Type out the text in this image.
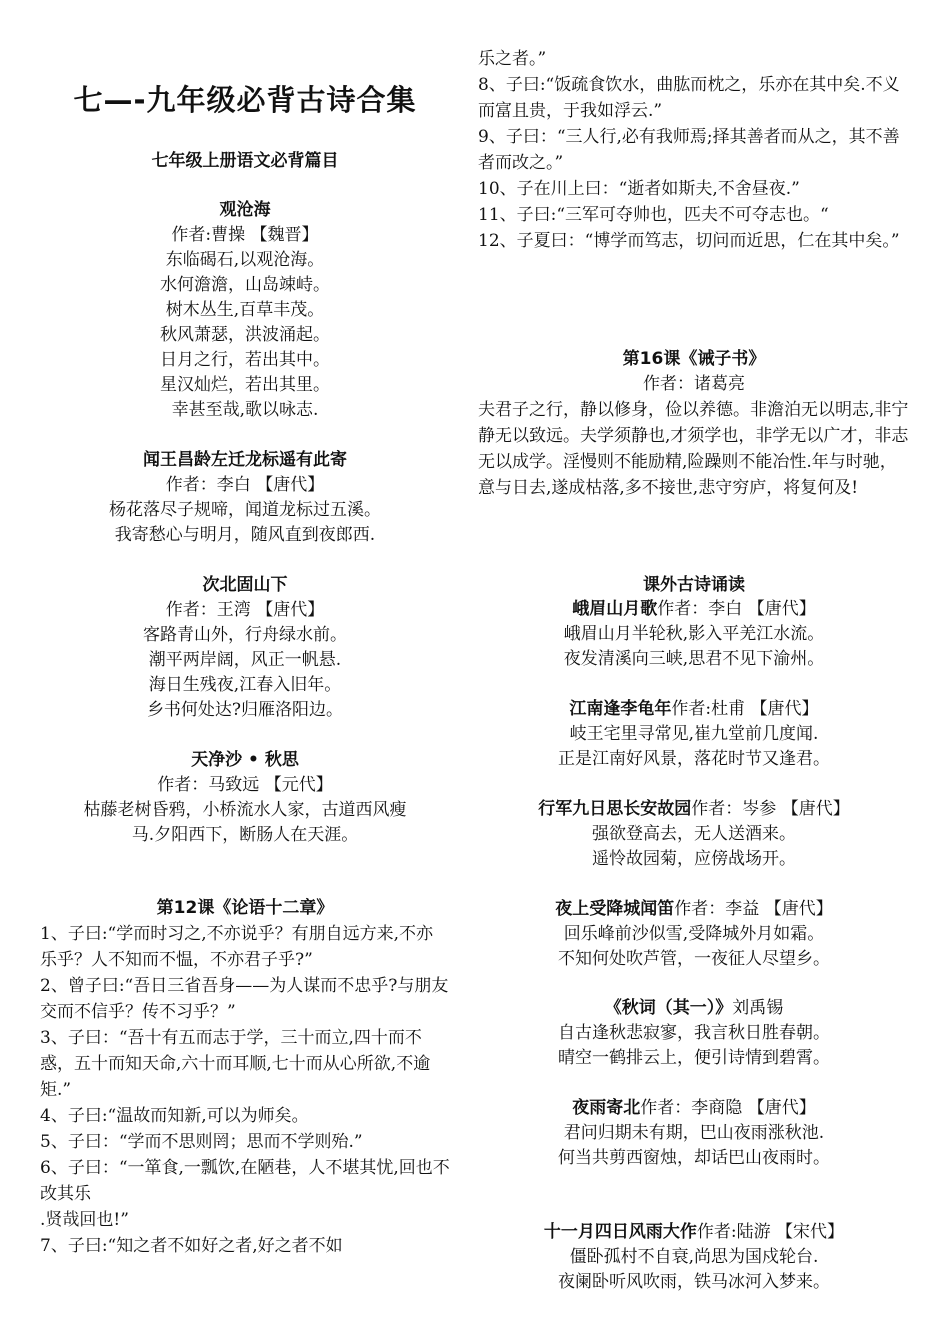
七—-九年级必背古诗合集
七年级上册语文必背篇目
观沧海
作者:曹操 【魏晋】
东临碣石,以观沧海。
水何澹澹，山岛竦峙。
树木丛生,百草丰茂。
秋风萧瑟，洪波涌起。
日月之行，若出其中。
星汉灿烂，若出其里。
幸甚至哉,歌以咏志.
闻王昌龄左迁龙标遥有此寄
作者：李白 【唐代】
杨花落尽子规啼，闻道龙标过五溪。
我寄愁心与明月，随风直到夜郎西.
次北固山下
作者：王湾 【唐代】
客路青山外，行舟绿水前。
潮平两岸阔，风正一帆悬.
海日生残夜,江春入旧年。
乡书何处达?归雁洛阳边。
天净沙 • 秋思
作者：马致远 【元代】
枯藤老树昏鸦，小桥流水人家，古道西风瘦
马.夕阳西下，断肠人在天涯。
第12课《论语十二章》
1、子曰:“学而时习之,不亦说乎？有朋自远方来,不亦乐乎？人不知而不愠，不亦君子乎?”
2、曾子曰:“吾日三省吾身——为人谋而不忠乎?与朋友交而不信乎？传不习乎？”
3、子曰：“吾十有五而志于学，三十而立,四十而不惑，五十而知天命,六十而耳顺,七十而从心所欲,不逾矩.”
4、子曰:“温故而知新,可以为师矣。
5、子曰：“学而不思则罔；思而不学则殆.”
6、子曰：“一箪食,一瓢饮,在陋巷，人不堪其忧,回也不改其乐
.贤哉回也!”
7、子曰:“知之者不如好之者,好之者不如
乐之者。”
8、子曰:“饭疏食饮水，曲肱而枕之，乐亦在其中矣.不义而富且贵，于我如浮云.”
9、子曰：“三人行,必有我师焉;择其善者而从之，其不善者而改之。”
10、子在川上曰：“逝者如斯夫,不舍昼夜.”
11、子曰:“三军可夺帅也，匹夫不可夺志也。“
12、子夏曰：“博学而笃志，切问而近思，仁在其中矣。”
第16课《诫子书》
作者：诸葛亮
夫君子之行，静以修身，俭以养德。非澹泊无以明志,非宁静无以致远。夫学须静也,才须学也，非学无以广才，非志无以成学。淫慢则不能励精,险躁则不能冶性.年与时驰，意与日去,遂成枯落,多不接世,悲守穷庐，将复何及!
课外古诗诵读
峨眉山月歌作者：李白 【唐代】
峨眉山月半轮秋,影入平羌江水流。
夜发清溪向三峡,思君不见下渝州。
江南逢李龟年作者:杜甫 【唐代】
岐王宅里寻常见,崔九堂前几度闻.
正是江南好风景，落花时节又逢君。
行军九日思长安故园作者：岑参 【唐代】
强欲登高去，无人送酒来。
遥怜故园菊，应傍战场开。
夜上受降城闻笛作者：李益 【唐代】
回乐峰前沙似雪,受降城外月如霜。
不知何处吹芦管，一夜征人尽望乡。
《秋词（其一）》刘禹锡
自古逢秋悲寂寥，我言秋日胜春朝。
晴空一鹤排云上，便引诗情到碧霄。
夜雨寄北作者：李商隐 【唐代】
君问归期未有期，巴山夜雨涨秋池.
何当共剪西窗烛，却话巴山夜雨时。
十一月四日风雨大作作者:陆游 【宋代】
僵卧孤村不自衰,尚思为国戍轮台.
夜阑卧听风吹雨，铁马冰河入梦来。
